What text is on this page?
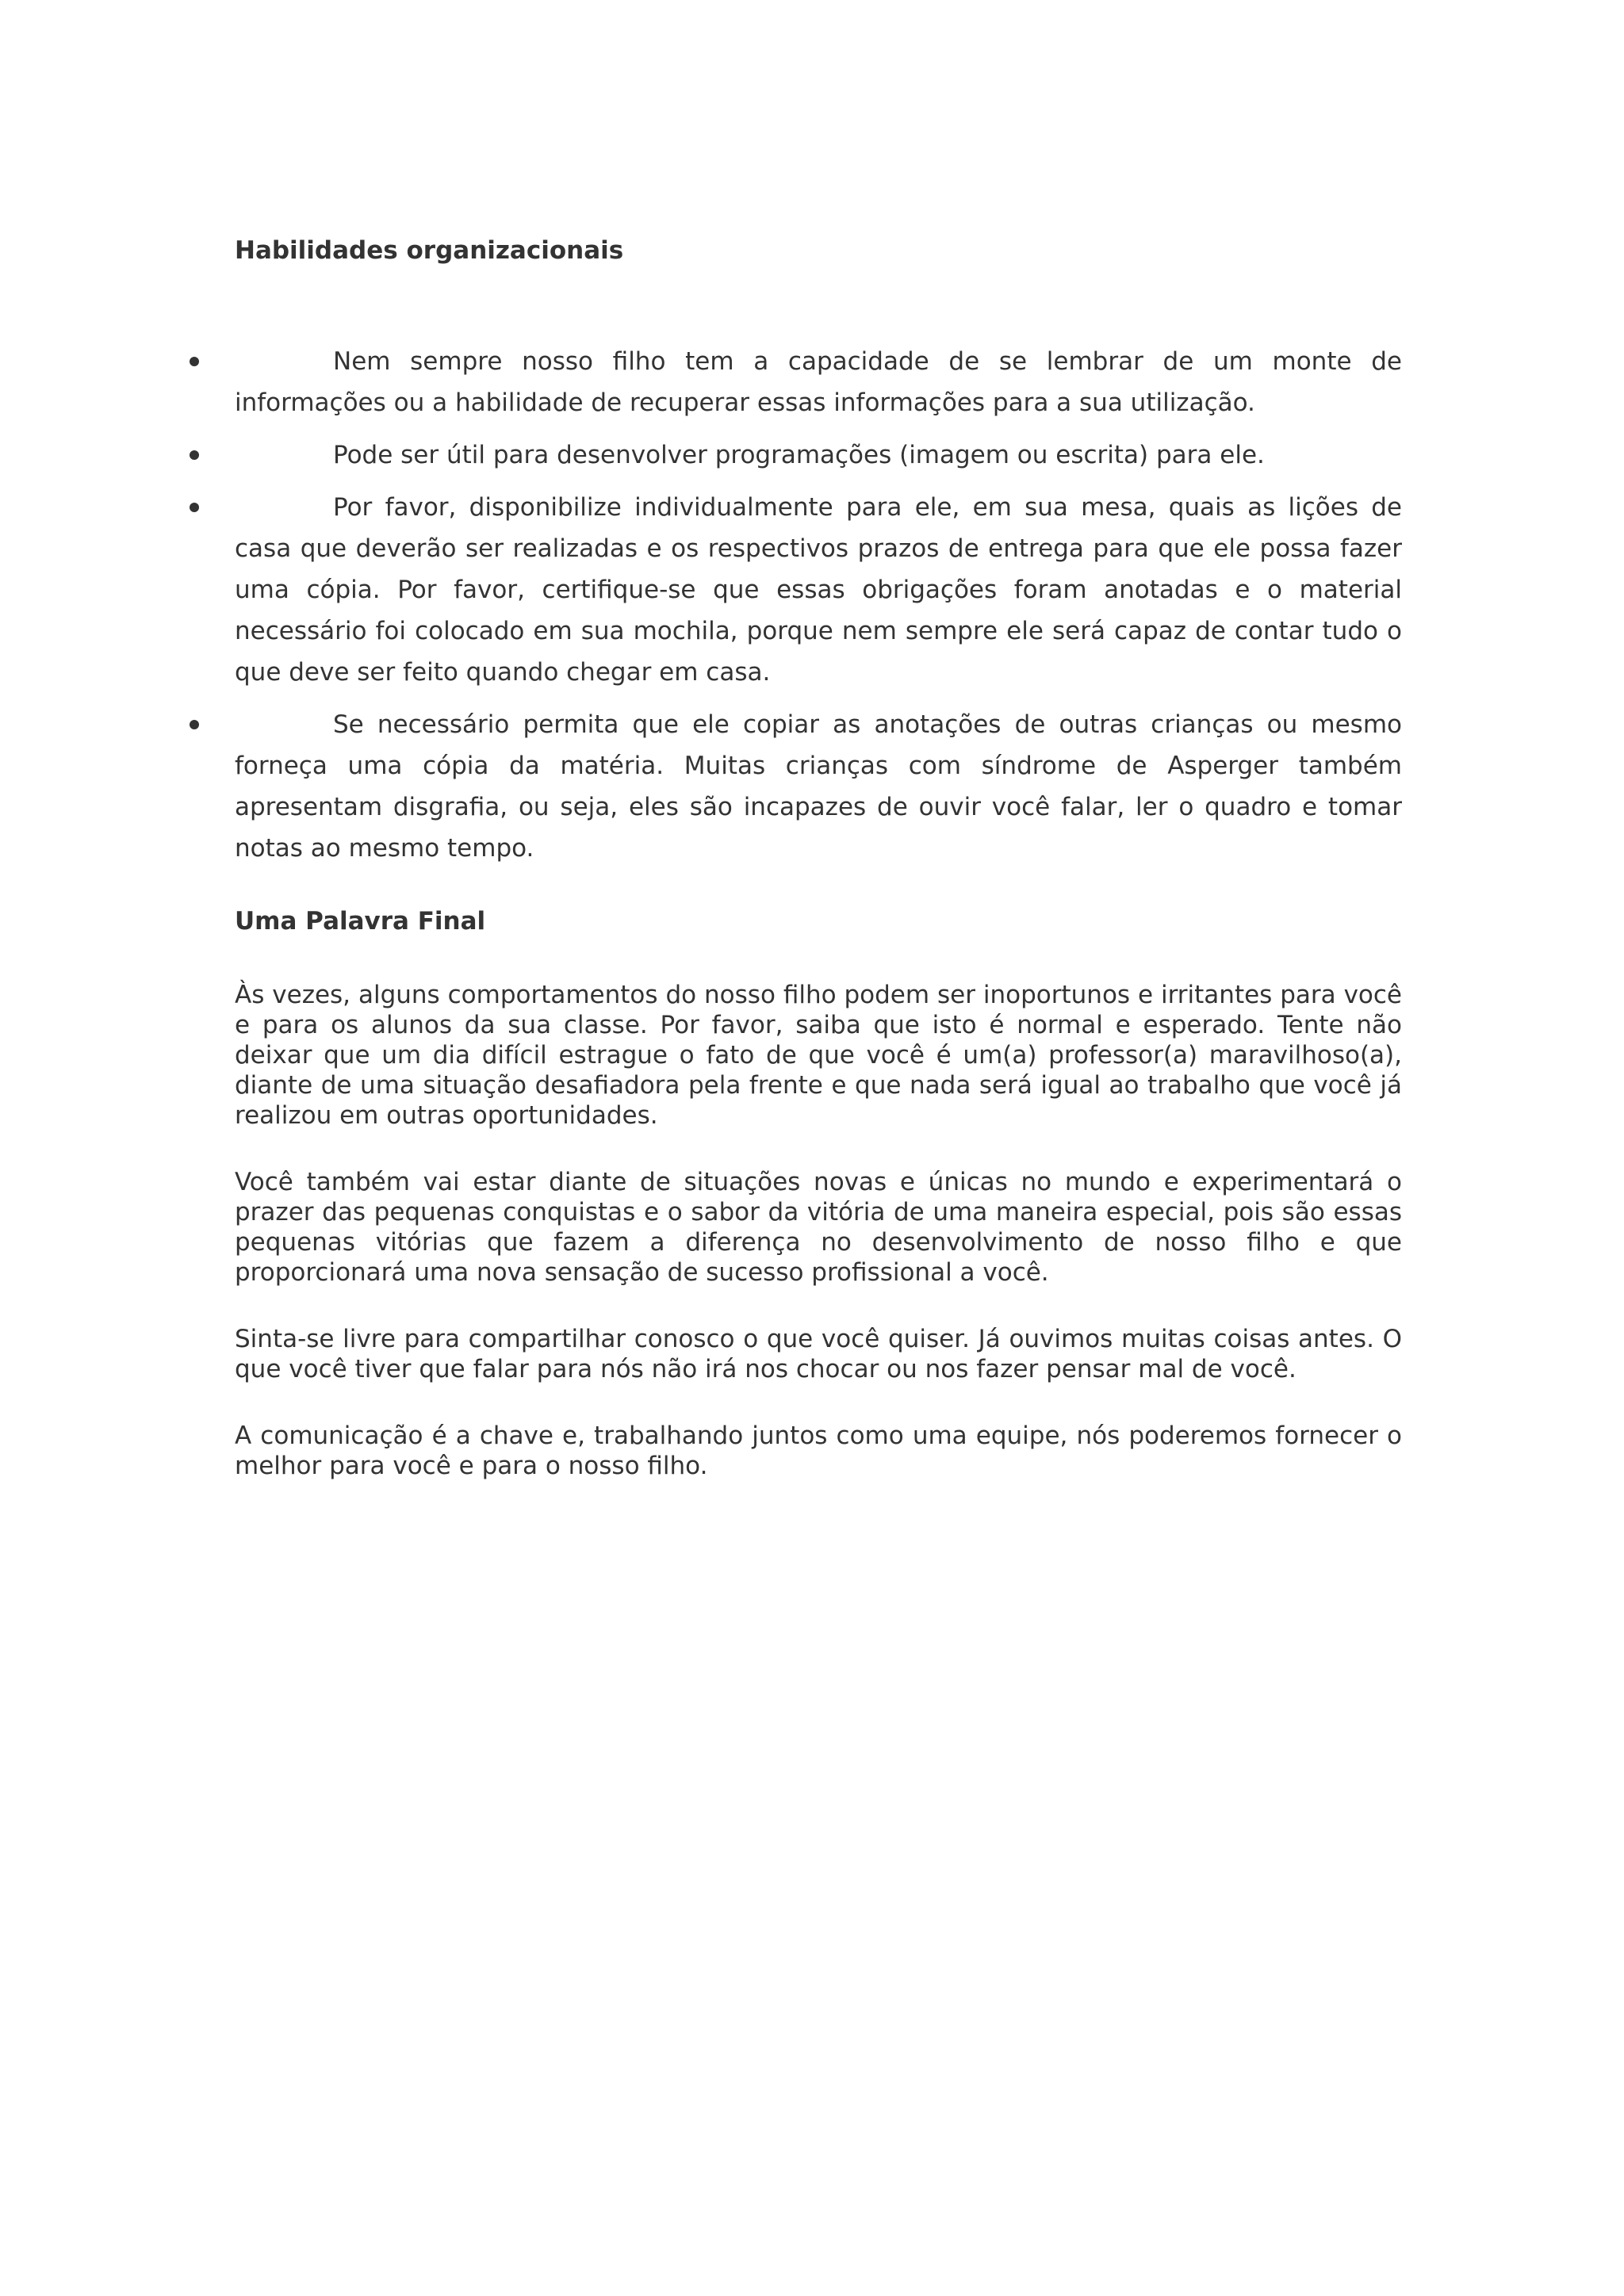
Habilidades organizacionais
Nem sempre nosso filho tem a capacidade de se lembrar de um monte de informações ou a habilidade de recuperar essas informações para a sua utilização.
Pode ser útil para desenvolver programações (imagem ou escrita) para ele.
Por favor, disponibilize individualmente para ele, em sua mesa, quais as lições de casa que deverão ser realizadas e os respectivos prazos de entrega para que ele possa fazer uma cópia. Por favor, certifique-se que essas obrigações foram anotadas e o material necessário foi colocado em sua mochila, porque nem sempre ele será capaz de contar tudo o que deve ser feito quando chegar em casa.
Se necessário permita que ele copiar as anotações de outras crianças ou mesmo forneça uma cópia da matéria. Muitas crianças com síndrome de Asperger também apresentam disgrafia, ou seja, eles são incapazes de ouvir você falar, ler o quadro e tomar notas ao mesmo tempo.
Uma Palavra Final

Às vezes, alguns comportamentos do nosso filho podem ser inoportunos e irritantes para você e para os alunos da sua classe. Por favor, saiba que isto é normal e esperado. Tente não deixar que um dia difícil estrague o fato de que você é um(a) professor(a) maravilhoso(a), diante de uma situação desafiadora pela frente e que nada será igual ao trabalho que você já realizou em outras oportunidades.

Você também vai estar diante de situações novas e únicas no mundo e experimentará o prazer das pequenas conquistas e o sabor da vitória de uma maneira especial, pois são essas pequenas vitórias que fazem a diferença no desenvolvimento de nosso filho e que proporcionará uma nova sensação de sucesso profissional a você.

Sinta-se livre para compartilhar conosco o que você quiser. Já ouvimos muitas coisas antes. O que você tiver que falar para nós não irá nos chocar ou nos fazer pensar mal de você.

A comunicação é a chave e, trabalhando juntos como uma equipe, nós poderemos fornecer o melhor para você e para o nosso filho.
